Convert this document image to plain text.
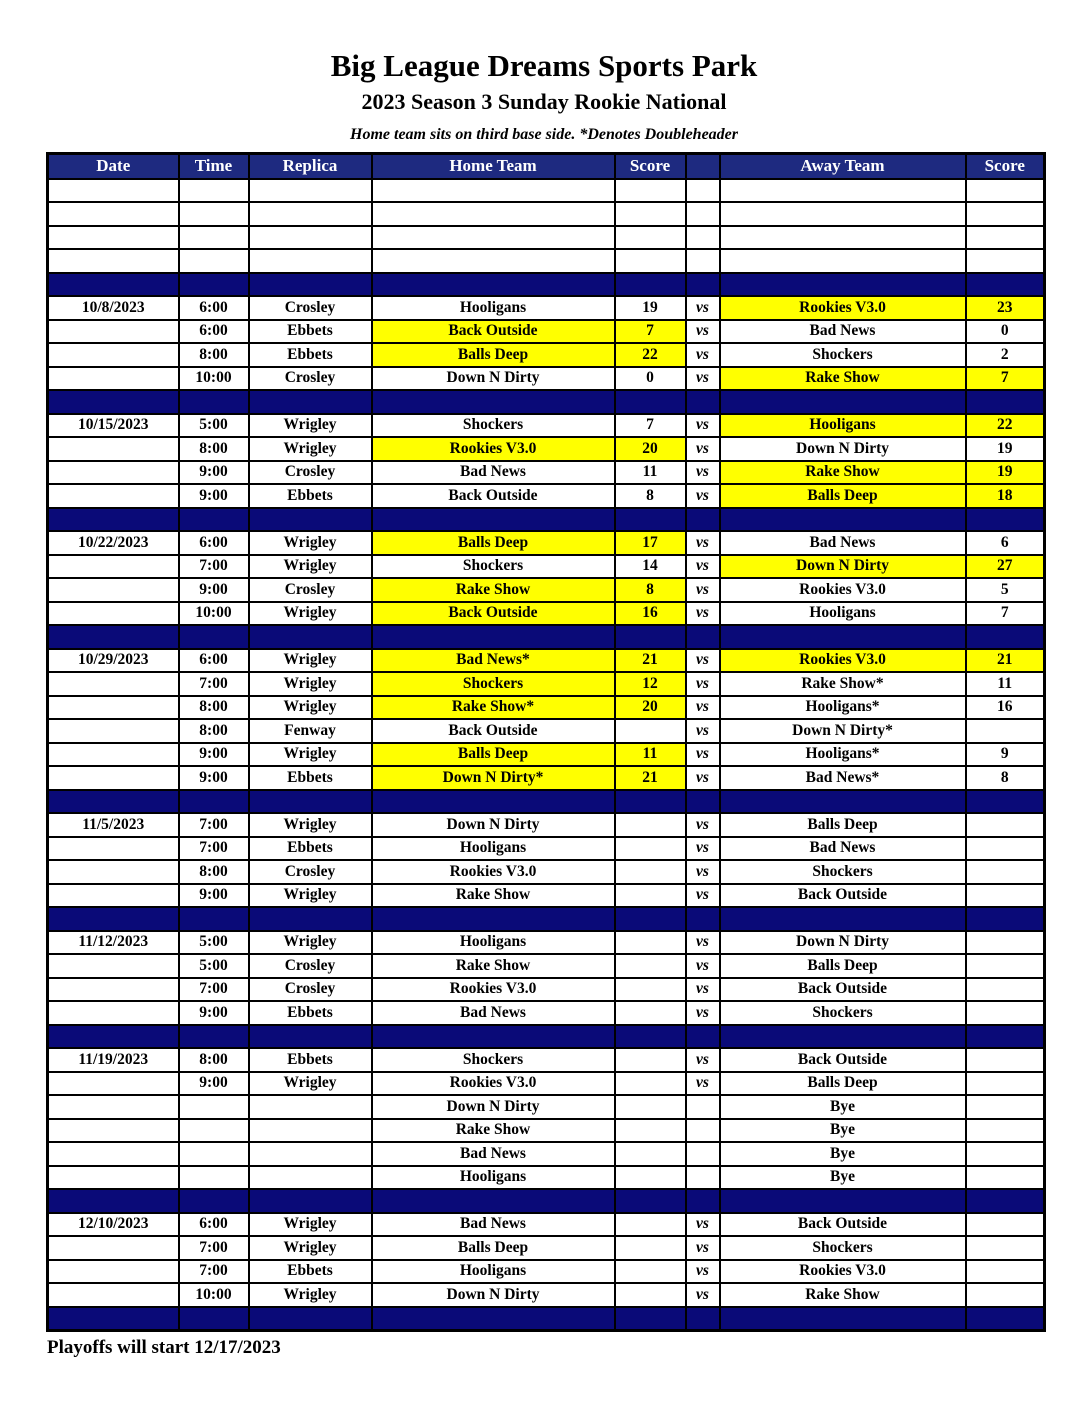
Big League Dreams Sports Park
2023 Season 3 Sunday Rookie National
Home team sits on third base side. *Denotes Doubleheader
Date	Time	Replica	Home Team	Score		Away Team	Score

10/8/2023	6:00	Crosley	Hooligans	19	vs	Rookies V3.0	23
	6:00	Ebbets	Back Outside	7	vs	Bad News	0
	8:00	Ebbets	Balls Deep	22	vs	Shockers	2
	10:00	Crosley	Down N Dirty	0	vs	Rake Show	7

10/15/2023	5:00	Wrigley	Shockers	7	vs	Hooligans	22
	8:00	Wrigley	Rookies V3.0	20	vs	Down N Dirty	19
	9:00	Crosley	Bad News	11	vs	Rake Show	19
	9:00	Ebbets	Back Outside	8	vs	Balls Deep	18

10/22/2023	6:00	Wrigley	Balls Deep	17	vs	Bad News	6
	7:00	Wrigley	Shockers	14	vs	Down N Dirty	27
	9:00	Crosley	Rake Show	8	vs	Rookies V3.0	5
	10:00	Wrigley	Back Outside	16	vs	Hooligans	7

10/29/2023	6:00	Wrigley	Bad News*	21	vs	Rookies V3.0	21
	7:00	Wrigley	Shockers	12	vs	Rake Show*	11
	8:00	Wrigley	Rake Show*	20	vs	Hooligans*	16
	8:00	Fenway	Back Outside		vs	Down N Dirty*	
	9:00	Wrigley	Balls Deep	11	vs	Hooligans*	9
	9:00	Ebbets	Down N Dirty*	21	vs	Bad News*	8

11/5/2023	7:00	Wrigley	Down N Dirty		vs	Balls Deep	
	7:00	Ebbets	Hooligans		vs	Bad News	
	8:00	Crosley	Rookies V3.0		vs	Shockers	
	9:00	Wrigley	Rake Show		vs	Back Outside	

11/12/2023	5:00	Wrigley	Hooligans		vs	Down N Dirty	
	5:00	Crosley	Rake Show		vs	Balls Deep	
	7:00	Crosley	Rookies V3.0		vs	Back Outside	
	9:00	Ebbets	Bad News		vs	Shockers	

11/19/2023	8:00	Ebbets	Shockers		vs	Back Outside	
	9:00	Wrigley	Rookies V3.0		vs	Balls Deep	
			Down N Dirty			Bye	
			Rake Show			Bye	
			Bad News			Bye	
			Hooligans			Bye	

12/10/2023	6:00	Wrigley	Bad News		vs	Back Outside	
	7:00	Wrigley	Balls Deep		vs	Shockers	
	7:00	Ebbets	Hooligans		vs	Rookies V3.0	
	10:00	Wrigley	Down N Dirty		vs	Rake Show	

Playoffs will start 12/17/2023
